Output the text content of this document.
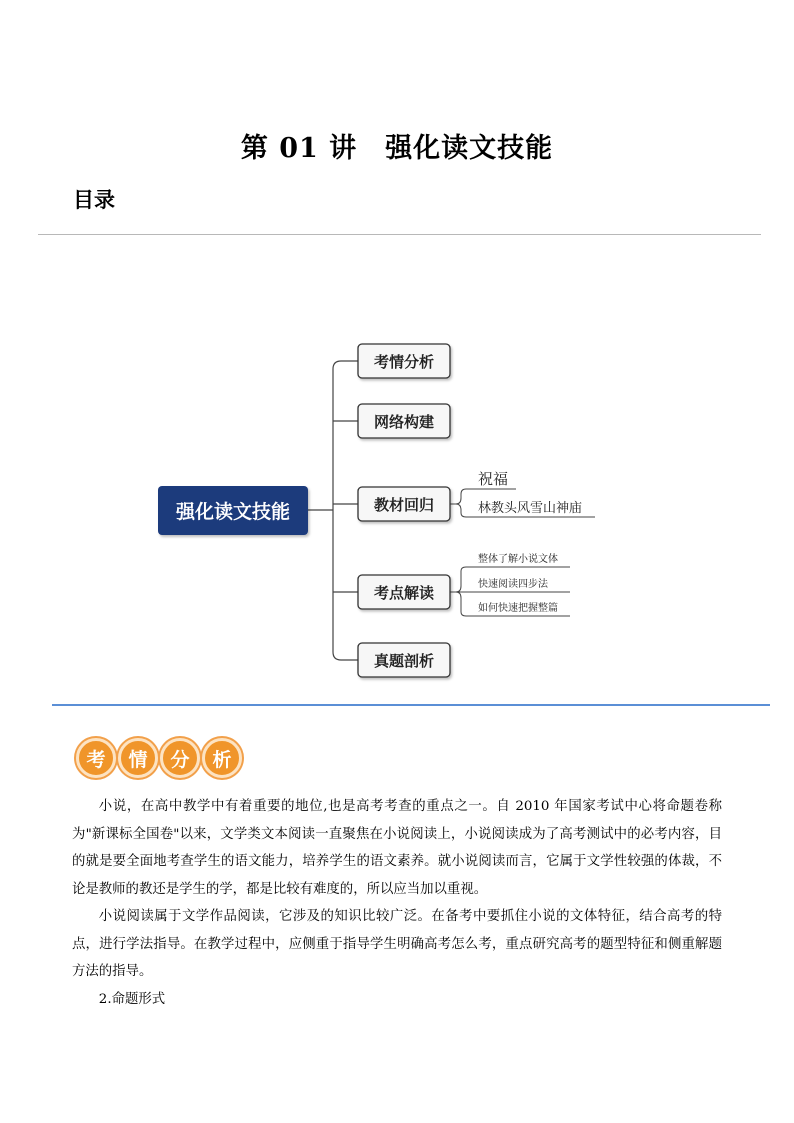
第 01 讲 强化读文技能
目录
强化读文技能
考情分析
网络构建
教材回归
考点解读
真题剖析
祝福
林教头风雪山神庙
整体了解小说文体
快速阅读四步法
如何快速把握整篇
考	情	分	析

小说，在高中教学中有着重要的地位,也是高考考查的重点之一。自 2010 年国家考试中心将命题卷称为"新课标全国卷"以来，文学类文本阅读一直聚焦在小说阅读上，小说阅读成为了高考测试中的必考内容，目的就是要全面地考查学生的语文能力，培养学生的语文素养。就小说阅读而言，它属于文学性较强的体裁，不论是教师的教还是学生的学，都是比较有难度的，所以应当加以重视。

小说阅读属于文学作品阅读，它涉及的知识比较广泛。在备考中要抓住小说的文体特征，结合高考的特点，进行学法指导。在教学过程中，应侧重于指导学生明确高考怎么考，重点研究高考的题型特征和侧重解题方法的指导。

2.命题形式
